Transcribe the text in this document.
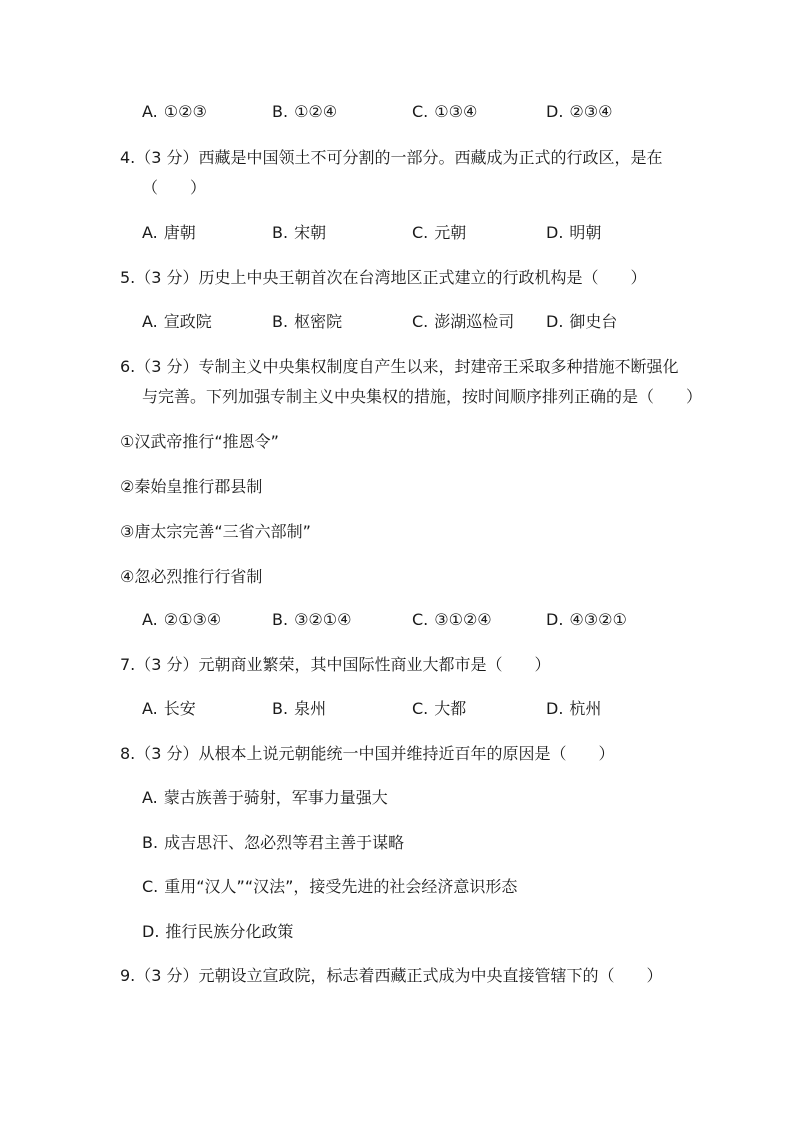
A. ①②③	B. ①②④	C. ①③④	D. ②③④
4.（3 分）西藏是中国领土不可分割的一部分。西藏成为正式的行政区，是在
（　　）
A. 唐朝	B. 宋朝	C. 元朝	D. 明朝
5.（3 分）历史上中央王朝首次在台湾地区正式建立的行政机构是（　　）
A. 宣政院	B. 枢密院	C. 澎湖巡检司 D. 御史台
6.（3 分）专制主义中央集权制度自产生以来，封建帝王采取多种措施不断强化
与完善。下列加强专制主义中央集权的措施，按时间顺序排列正确的是（　　）
①汉武帝推行“推恩令”
②秦始皇推行郡县制
③唐太宗完善“三省六部制”
④忽必烈推行行省制
A. ②①③④	B. ③②①④	C. ③①②④	D. ④③②①
7.（3 分）元朝商业繁荣，其中国际性商业大都市是（　　）
A. 长安	B. 泉州	C. 大都	D. 杭州
8.（3 分）从根本上说元朝能统一中国并维持近百年的原因是（　　）
A. 蒙古族善于骑射，军事力量强大
B. 成吉思汗、忽必烈等君主善于谋略
C. 重用“汉人”“汉法”，接受先进的社会经济意识形态
D. 推行民族分化政策
9.（3 分）元朝设立宣政院，标志着西藏正式成为中央直接管辖下的（　　）
